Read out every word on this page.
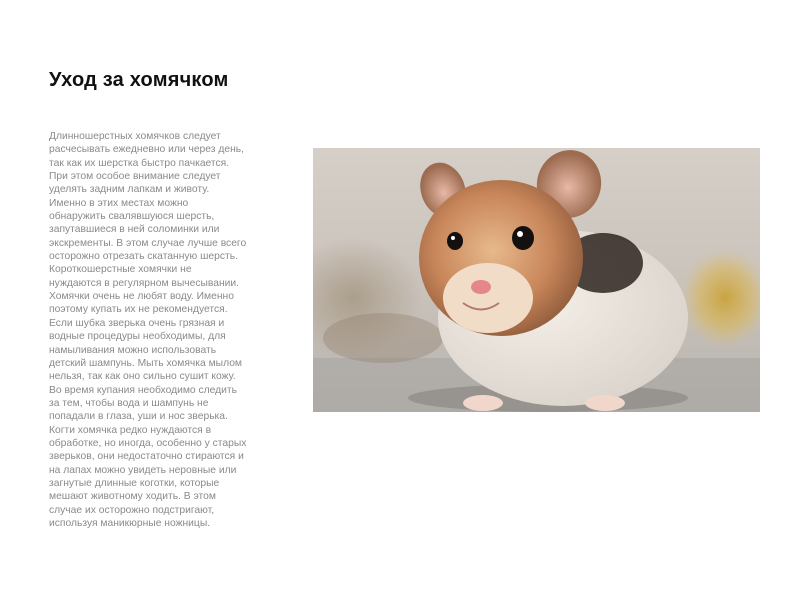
Уход за хомячком

Длинношерстных хомячков следует
расчесывать ежедневно или через день,
так как их шерстка быстро пачкается.
При этом особое внимание следует
уделять задним лапкам и животу.
Именно в этих местах можно
обнаружить свалявшуюся шерсть,
запутавшиеся в ней соломинки или
экскременты. В этом случае лучше всего
осторожно отрезать скатанную шерсть.
Короткошерстные хомячки не
нуждаются в регулярном вычесывании.
Хомячки очень не любят воду. Именно
поэтому купать их не рекомендуется.
Если шубка зверька очень грязная и
водные процедуры необходимы, для
намыливания можно использовать
детский шампунь. Мыть хомячка мылом
нельзя, так как оно сильно сушит кожу.
Во время купания необходимо следить
за тем, чтобы вода и шампунь не
попадали в глаза, уши и нос зверька.
Когти хомячка редко нуждаются в
обработке, но иногда, особенно у старых
зверьков, они недостаточно стираются и
на лапах можно увидеть неровные или
загнутые длинные коготки, которые
мешают животному ходить. В этом
случае их осторожно подстригают,
используя маникюрные ножницы.
